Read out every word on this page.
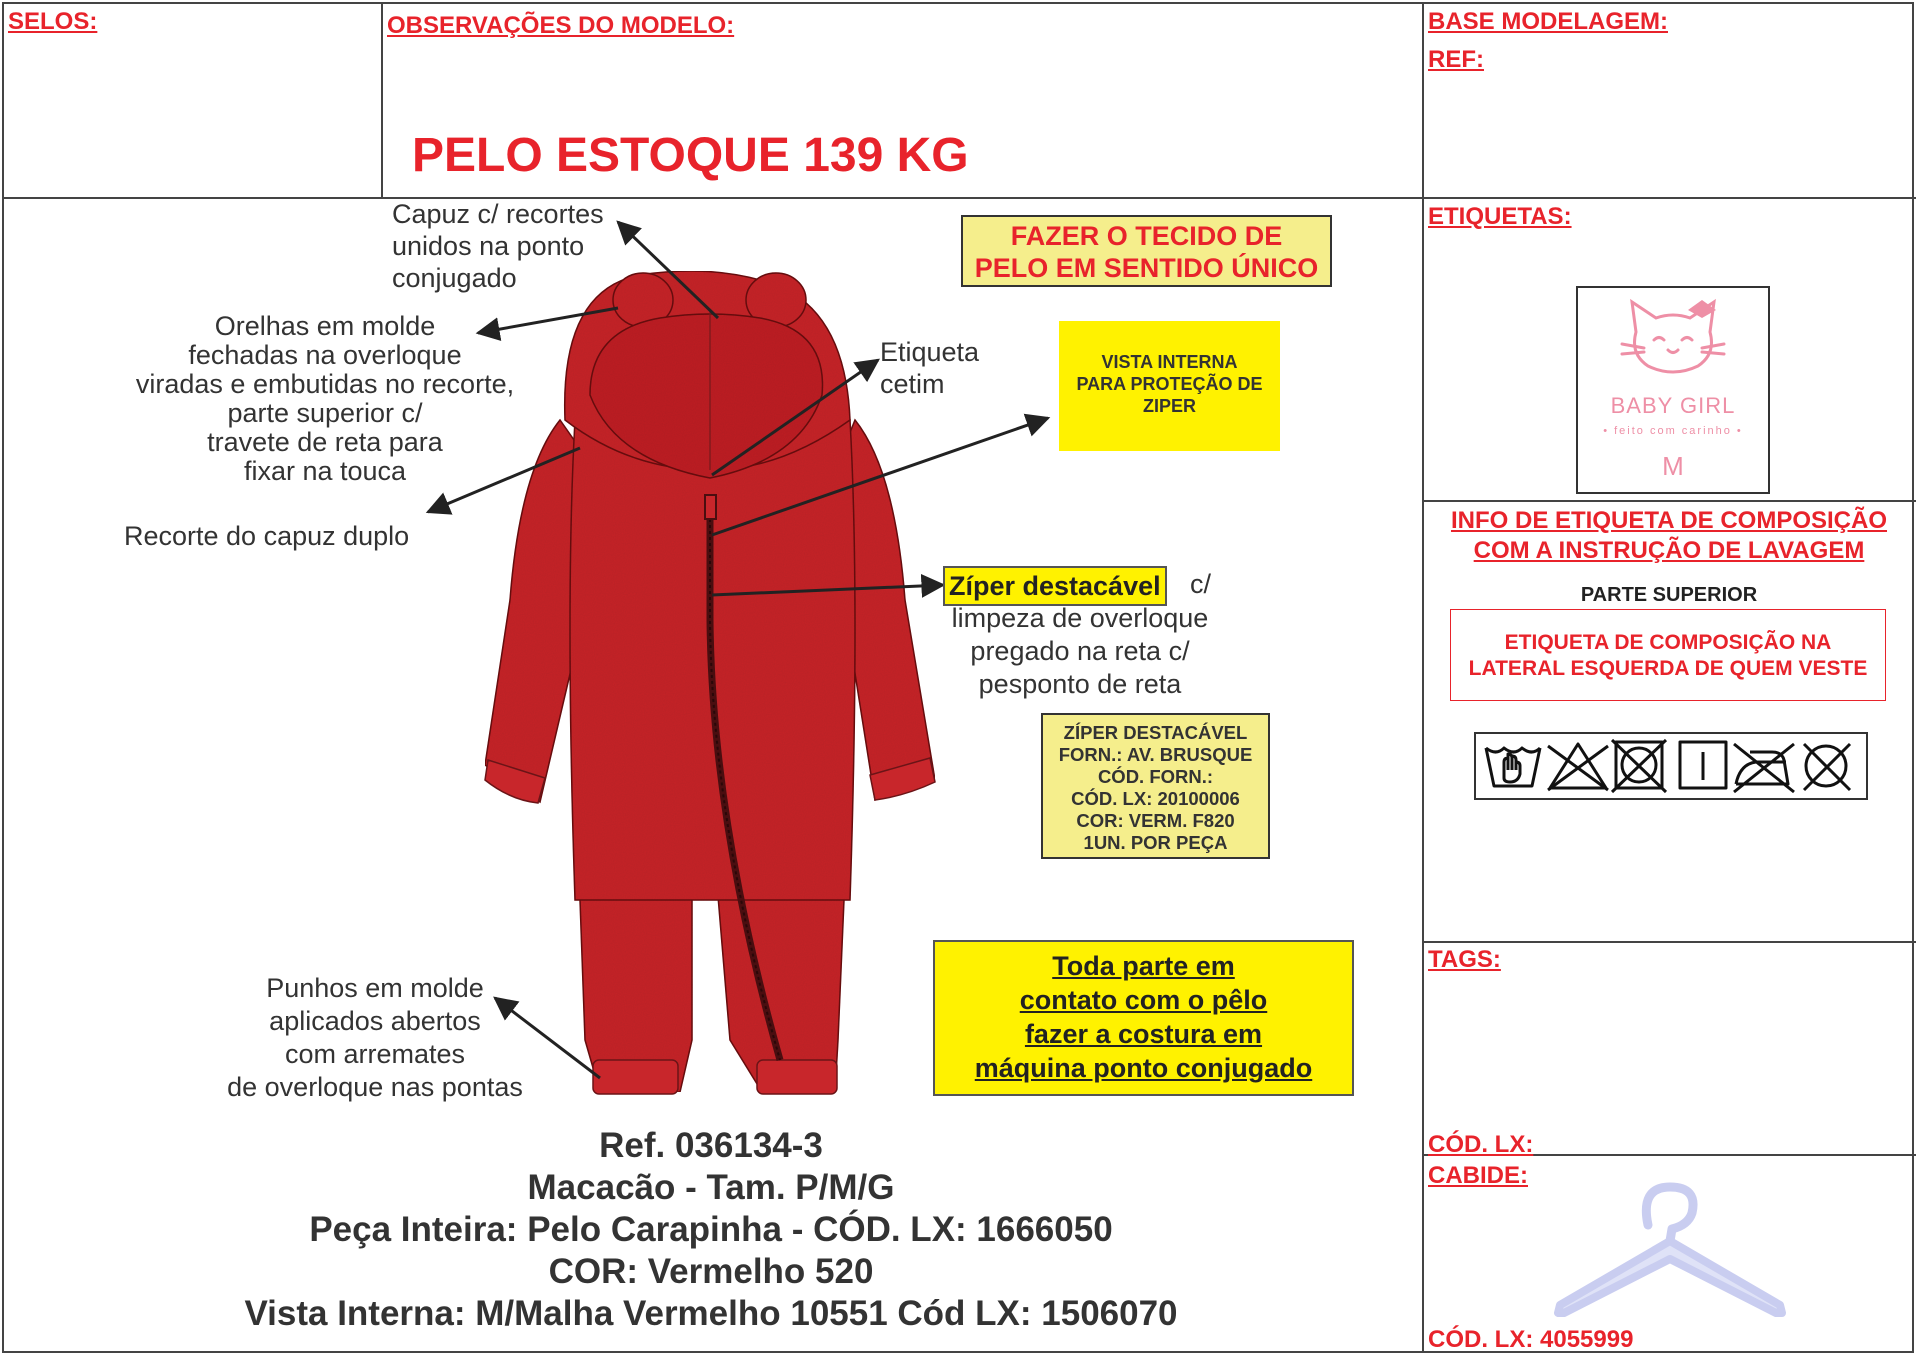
SELOS:	OBSERVAÇÕES DO MODELO:
PELO ESTOQUE 139 KG
BASE MODELAGEM:
REF:
Capuz c/ recortes
unidos na ponto
conjugado
Orelhas em molde
fechadas na overloque
viradas e embutidas no recorte,
parte superior c/
travete de reta para
fixar na touca
Recorte do capuz duplo
Etiqueta
cetim
Punhos em molde
aplicados abertos
com arremates
de overloque nas pontas
Zíper destacável c/
limpeza de overloque
pregado na reta c/
pesponto de reta
FAZER O TECIDO DE
PELO EM SENTIDO ÚNICO
VISTA INTERNA
PARA PROTEÇÃO DE
ZIPER
ZÍPER DESTACÁVEL
FORN.: AV. BRUSQUE
CÓD. FORN.:
CÓD. LX: 20100006
COR: VERM. F820
1UN. POR PEÇA
Toda parte em
contato com o pêlo
fazer a costura em
máquina ponto conjugado
Ref. 036134-3
Macacão - Tam. P/M/G
Peça Inteira: Pelo Carapinha - CÓD. LX: 1666050
COR: Vermelho 520
Vista Interna: M/Malha Vermelho 10551 Cód LX: 1506070
ETIQUETAS:
BABY GIRL
• feito com carinho •
M
INFO DE ETIQUETA DE COMPOSIÇÃO
COM A INSTRUÇÃO DE LAVAGEM
PARTE SUPERIOR
ETIQUETA DE COMPOSIÇÃO NA
LATERAL ESQUERDA DE QUEM VESTE
TAGS:
CÓD. LX:
CABIDE:
CÓD. LX: 4055999
